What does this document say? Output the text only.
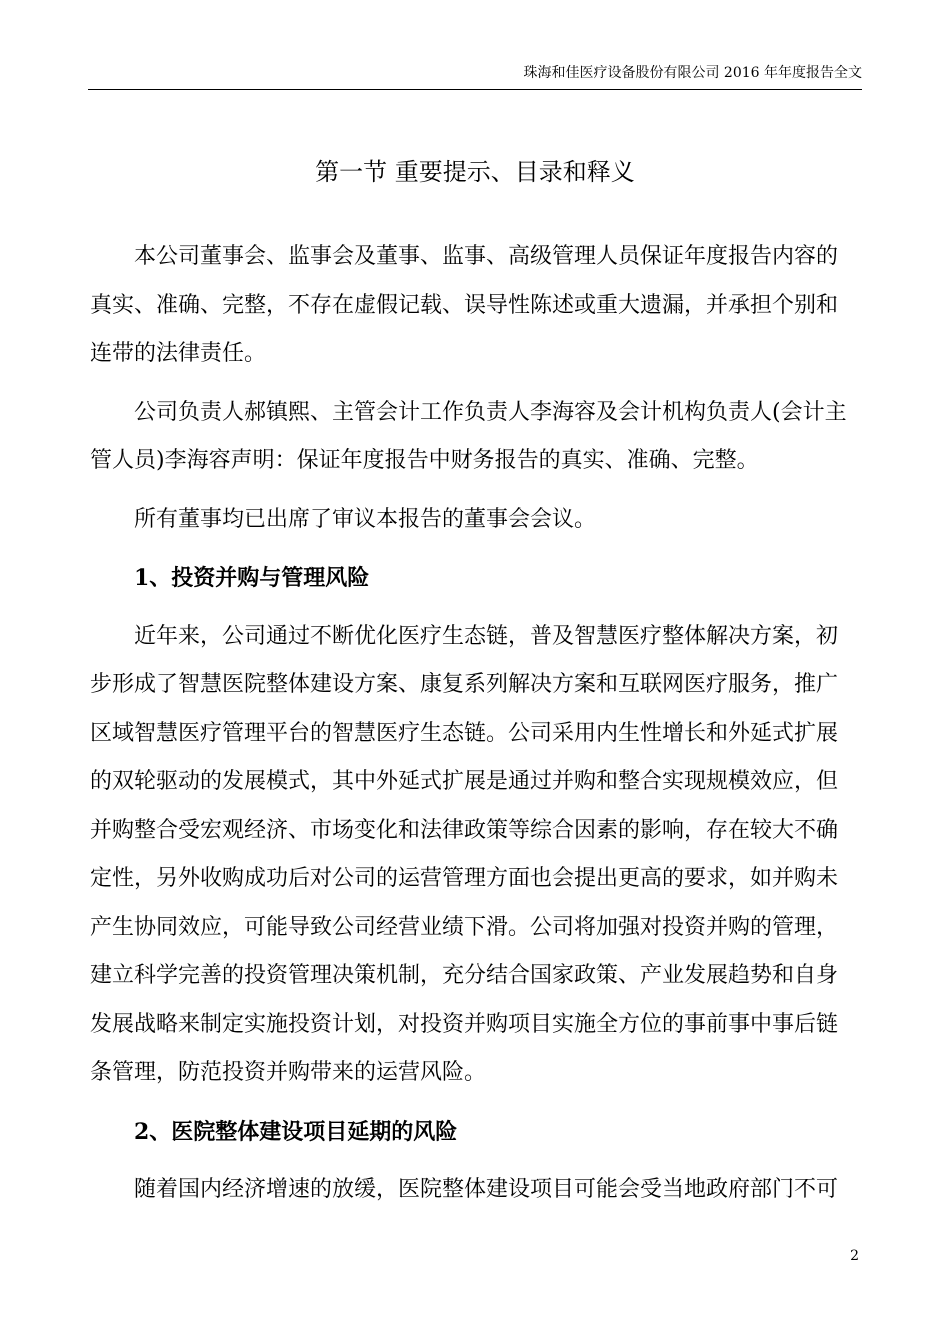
珠海和佳医疗设备股份有限公司 2016 年年度报告全文
第一节 重要提示、目录和释义

本公司董事会、监事会及董事、监事、高级管理人员保证年度报告内容的
真实、准确、完整，不存在虚假记载、误导性陈述或重大遗漏，并承担个别和
连带的法律责任。

公司负责人郝镇熙、主管会计工作负责人李海容及会计机构负责人(会计主
管人员)李海容声明：保证年度报告中财务报告的真实、准确、完整。

所有董事均已出席了审议本报告的董事会会议。

1、投资并购与管理风险

近年来，公司通过不断优化医疗生态链，普及智慧医疗整体解决方案，初
步形成了智慧医院整体建设方案、康复系列解决方案和互联网医疗服务，推广
区域智慧医疗管理平台的智慧医疗生态链。公司采用内生性增长和外延式扩展
的双轮驱动的发展模式，其中外延式扩展是通过并购和整合实现规模效应，但
并购整合受宏观经济、市场变化和法律政策等综合因素的影响，存在较大不确
定性，另外收购成功后对公司的运营管理方面也会提出更高的要求，如并购未
产生协同效应，可能导致公司经营业绩下滑。公司将加强对投资并购的管理，
建立科学完善的投资管理决策机制，充分结合国家政策、产业发展趋势和自身
发展战略来制定实施投资计划，对投资并购项目实施全方位的事前事中事后链
条管理，防范投资并购带来的运营风险。

2、医院整体建设项目延期的风险

随着国内经济增速的放缓，医院整体建设项目可能会受当地政府部门不可

2
